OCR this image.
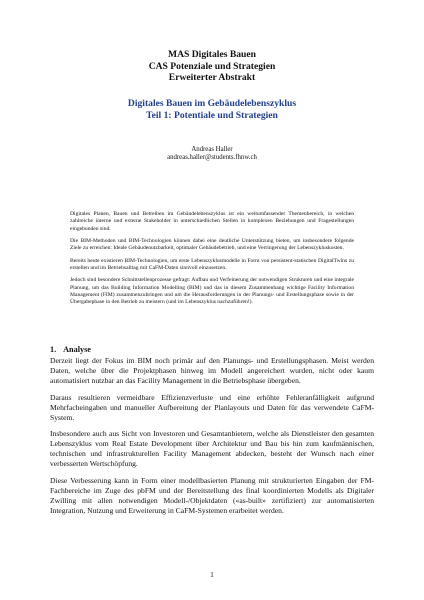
MAS Digitales Bauen
CAS Potenziale und Strategien
Erweiterter Abstrakt
Digitales Bauen im Gebäudelebenszyklus
Teil 1: Potentiale und Strategien
Andreas Haller
andreas.haller@students.fhnw.ch

Digitales Planen, Bauen und Betreiben im Gebäudelebenszyklus ist ein weitumfassender Themenbereich, in welchen zahlreiche interne und externe Stakeholder in unterschiedlichen Stellen in komplexen Beziehungen und Fragestellungen eingebunden sind.

Die BIM-Methoden und BIM-Technologien können dabei eine deutliche Unterstützung bieten, um insbesondere folgende Ziele zu erreichen: Ideale Gebäudenutzbarkeit, optimaler Gebäudebetrieb, und eine Verringerung der Lebenszykluskosten.

Bereits heute existieren BIM-Technologien, um erste Lebenszyklusmodelle in Form von persistent-statischen DigitalTwins zu erstellen und im Betriebsalltag mit CaFM-Daten sinnvoll einzusetzen.

Jedoch sind besondere Schnittstellenprozesse gefragt: Aufbau und Verfeinerung der notwendigen Strukturen und eine integrale Planung, um das Building Information Modelling (BIM) und das in diesem Zusammenhang wichtige Facility Information Management (FIM) zusammenzubringen und um die Herausforderungen in der Planungs- und Erstellungsphase sowie in der Übergabephase in den Betrieb zu meistern (und im Lebenszyklus nachzuführen!).

1. Analyse

Derzeit liegt der Fokus im BIM noch primär auf den Planungs- und Erstellungsphasen. Meist werden Daten, welche über die Projektphasen hinweg im Modell angereichert wurden, nicht oder kaum automatisiert nutzbar an das Facility Management in die Betriebsphase übergeben.

Daraus resultieren vermeidbare Effizienzverluste und eine erhöhte Fehleranfälligkeit aufgrund Mehrfacheingaben und manueller Aufbereitung der Planlayouts und Daten für das verwendete CaFM-System.

Insbesondere auch aus Sicht von Investoren und Gesamtanbietern, welche als Dienstleister den gesamten Lebenszyklus vom Real Estate Development über Architektur und Bau bis hin zum kaufmännischen, technischen und infrastrukturellen Facility Management abdecken, besteht der Wunsch nach einer verbesserten Wertschöpfung.

Diese Verbesserung kann in Form einer modellbasierten Planung mit strukturierten Eingaben der FM-Fachbereiche im Zuge des pbFM und der Bereitstellung des final koordinierten Modells als Digitaler Zwilling mit allen notwendigen Modell-/Objektdaten («as-built» zertifiziert) zur automatisierten Integration, Nutzung und Erweiterung in CaFM-Systemen erarbeitet werden.

1
